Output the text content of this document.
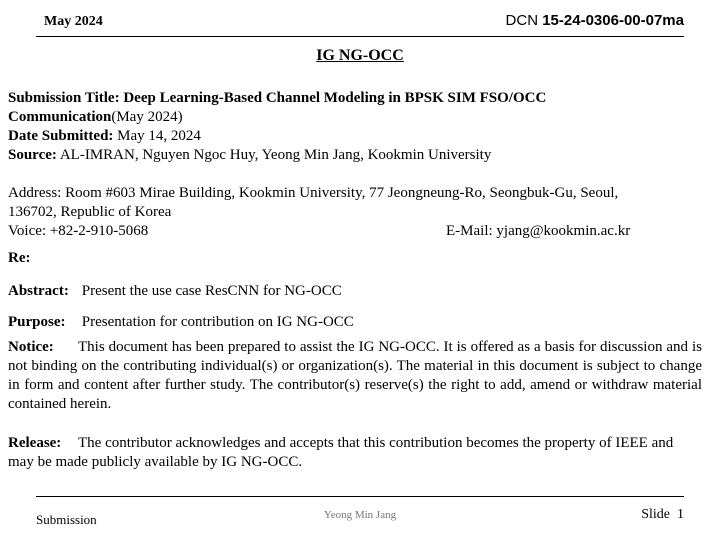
May 2024	DCN 15-24-0306-00-07ma
IG NG-OCC
Submission Title: Deep Learning-Based Channel Modeling in BPSK SIM FSO/OCC
Communication(May 2024)
Date Submitted: May 14, 2024
Source: AL-IMRAN, Nguyen Ngoc Huy, Yeong Min Jang, Kookmin University
Address: Room #603 Mirae Building, Kookmin University, 77 Jeongneung-Ro, Seongbuk-Gu, Seoul,
136702, Republic of Korea
Voice: +82-2-910-5068	E-Mail: yjang@kookmin.ac.kr
Re:
Abstract: Present the use case ResCNN for NG-OCC
Purpose: Presentation for contribution on IG NG-OCC
Notice: This document has been prepared to assist the IG NG-OCC. It is offered as a basis for discussion and is not binding on the contributing individual(s) or organization(s). The material in this document is subject to change in form and content after further study. The contributor(s) reserve(s) the right to add, amend or withdraw material contained herein.
Release: The contributor acknowledges and accepts that this contribution becomes the property of IEEE and may be made publicly available by IG NG-OCC.
Submission	Yeong Min Jang	Slide 1
